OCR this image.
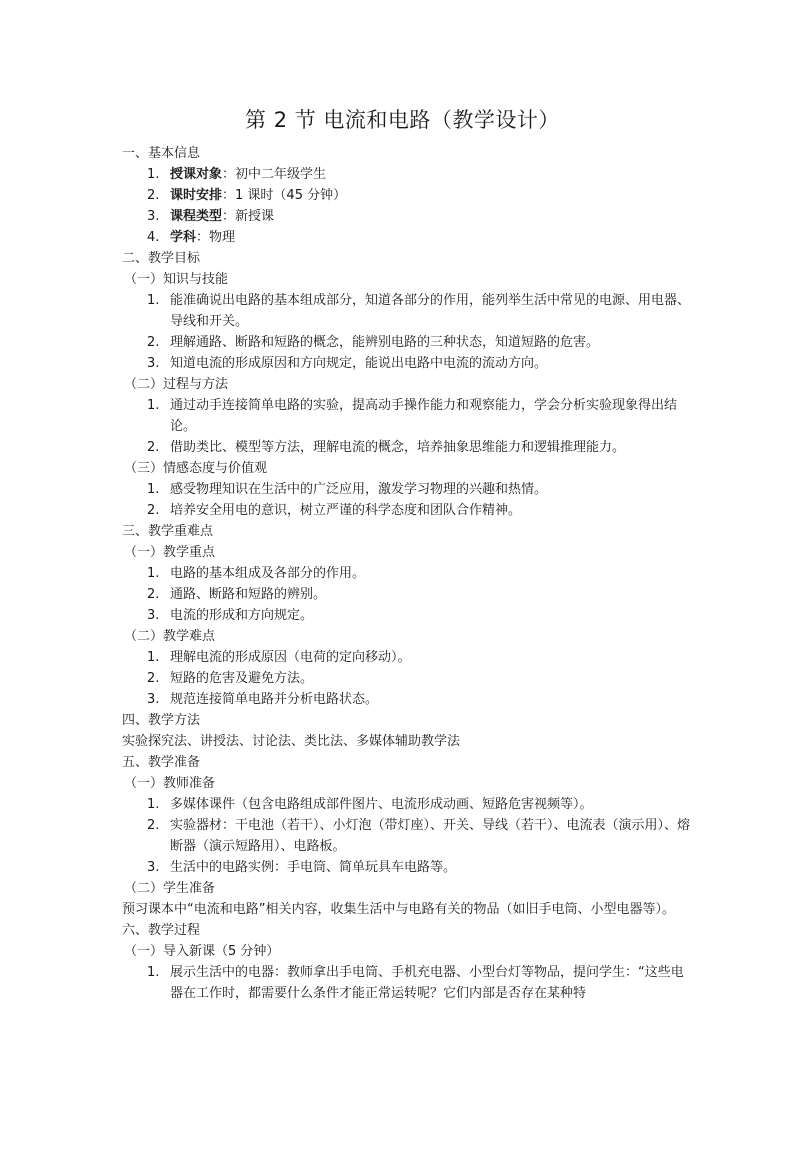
第 2 节 电流和电路（教学设计）
一、基本信息
1. 授课对象：初中二年级学生
2. 课时安排：1 课时（45 分钟）
3. 课程类型：新授课
4. 学科：物理
二、教学目标
（一）知识与技能
1. 能准确说出电路的基本组成部分，知道各部分的作用，能列举生活中常见的电源、用电器、导线和开关。
2. 理解通路、断路和短路的概念，能辨别电路的三种状态，知道短路的危害。
3. 知道电流的形成原因和方向规定，能说出电路中电流的流动方向。
（二）过程与方法
1. 通过动手连接简单电路的实验，提高动手操作能力和观察能力，学会分析实验现象得出结论。
2. 借助类比、模型等方法，理解电流的概念，培养抽象思维能力和逻辑推理能力。
（三）情感态度与价值观
1. 感受物理知识在生活中的广泛应用，激发学习物理的兴趣和热情。
2. 培养安全用电的意识，树立严谨的科学态度和团队合作精神。
三、教学重难点
（一）教学重点
1. 电路的基本组成及各部分的作用。
2. 通路、断路和短路的辨别。
3. 电流的形成和方向规定。
（二）教学难点
1. 理解电流的形成原因（电荷的定向移动）。
2. 短路的危害及避免方法。
3. 规范连接简单电路并分析电路状态。
四、教学方法
实验探究法、讲授法、讨论法、类比法、多媒体辅助教学法
五、教学准备
（一）教师准备
1. 多媒体课件（包含电路组成部件图片、电流形成动画、短路危害视频等）。
2. 实验器材：干电池（若干）、小灯泡（带灯座）、开关、导线（若干）、电流表（演示用）、熔断器（演示短路用）、电路板。
3. 生活中的电路实例：手电筒、简单玩具车电路等。
（二）学生准备
预习课本中“电流和电路”相关内容，收集生活中与电路有关的物品（如旧手电筒、小型电器等）。
六、教学过程
（一）导入新课（5 分钟）
1. 展示生活中的电器：教师拿出手电筒、手机充电器、小型台灯等物品，提问学生：“这些电器在工作时，都需要什么条件才能正常运转呢？它们内部是否存在某种特
